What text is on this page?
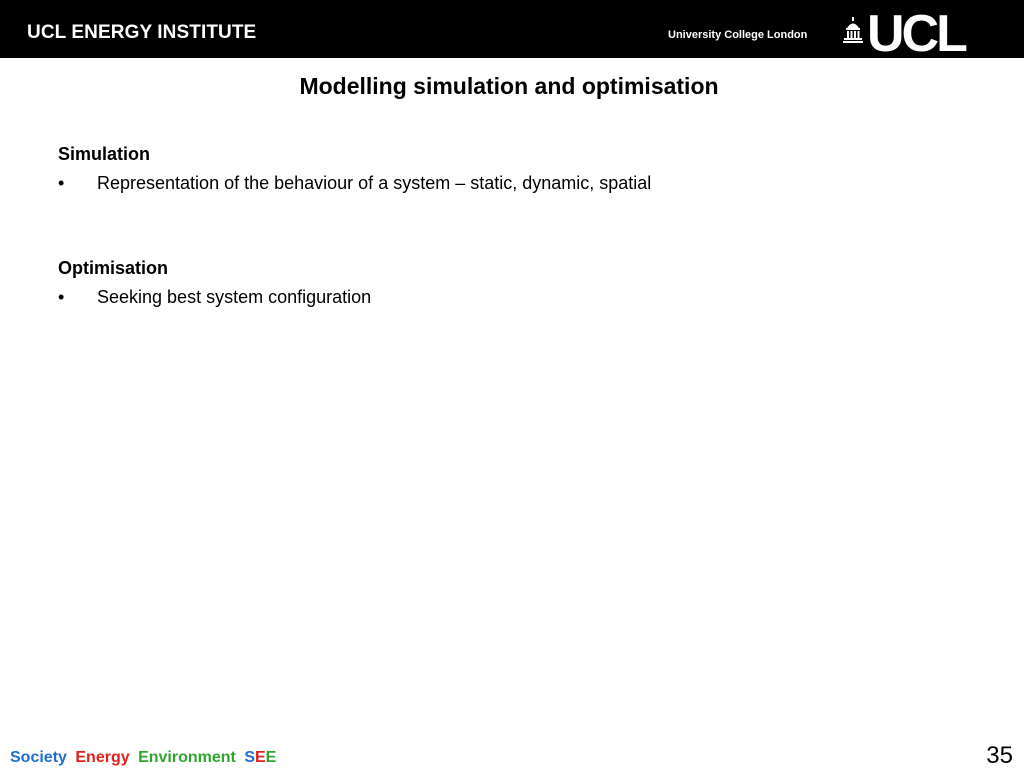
UCL ENERGY INSTITUTE	University College London UCL
Modelling simulation and optimisation
Simulation
• Representation of the behaviour of a system – static, dynamic, spatial
Optimisation
• Seeking best system configuration
Society Energy Environment SEE	35
